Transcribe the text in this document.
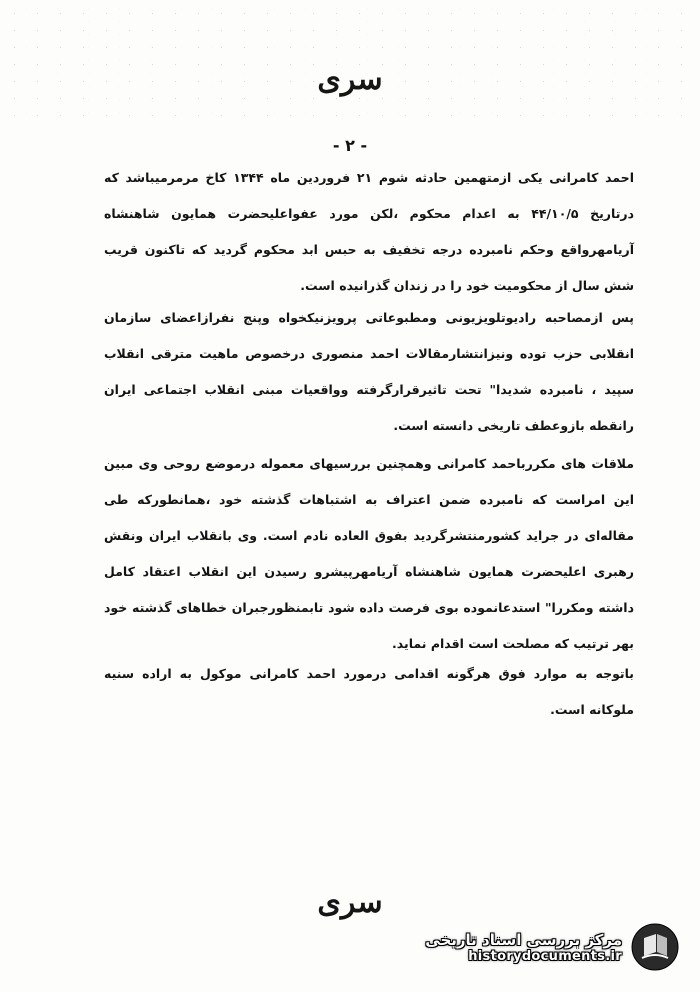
سری
- ۲ -

احمد کامرانی یکی ازمتهمین حادثه شوم ۲۱ فروردین ماه ۱۳۴۴ کاخ مرمرمیباشد که درتاریخ ۴۴/۱۰/۵ به اعدام محکوم ،لکن مورد عفواعلیحضرت همایون شاهنشاه آریامهرواقع وحکم نامبرده درجه تخفیف به حبس ابد محکوم گردید که تاکنون قریب شش سال از محکومیت خود را در زندان گذرانیده است.

پس ازمصاحبه رادیوتلویزیونی ومطبوعاتی پرویزنیکخواه وپنج نفرازاعضای سازمان انقلابی حزب توده ونیزانتشارمقالات احمد منصوری درخصوص ماهیت مترقی انقلاب سپید ، نامبرده شدیدا" تحت تاثیرقرارگرفته وواقعیات مبنی انقلاب اجتماعی ایران رانقطه بازوعطف تاریخی دانسته است.

ملاقات های مکررباحمد کامرانی وهمچنین بررسیهای معموله درموضع روحی وی مبین این امراست که نامبرده ضمن اعتراف به اشتباهات گذشته خود ،همانطورکه طی مقاله‌ای در جراید کشورمنتشرگردید بفوق العاده نادم است. وی بانقلاب ایران ونقش رهبری اعلیحضرت همایون شاهنشاه آریامهرپیشرو رسیدن این انقلاب اعتقاد کامل داشته ومکررا" استدعانموده بوی فرصت داده شود تابمنظورجبران خطاهای گذشته خود بهر ترتیب که مصلحت است اقدام نماید.

باتوجه به موارد فوق هرگونه اقدامی درمورد احمد کامرانی موکول به اراده سنیه ملوکانه است.

سری
مرکز بررسی اسناد تاریخی
historydocuments.ir
